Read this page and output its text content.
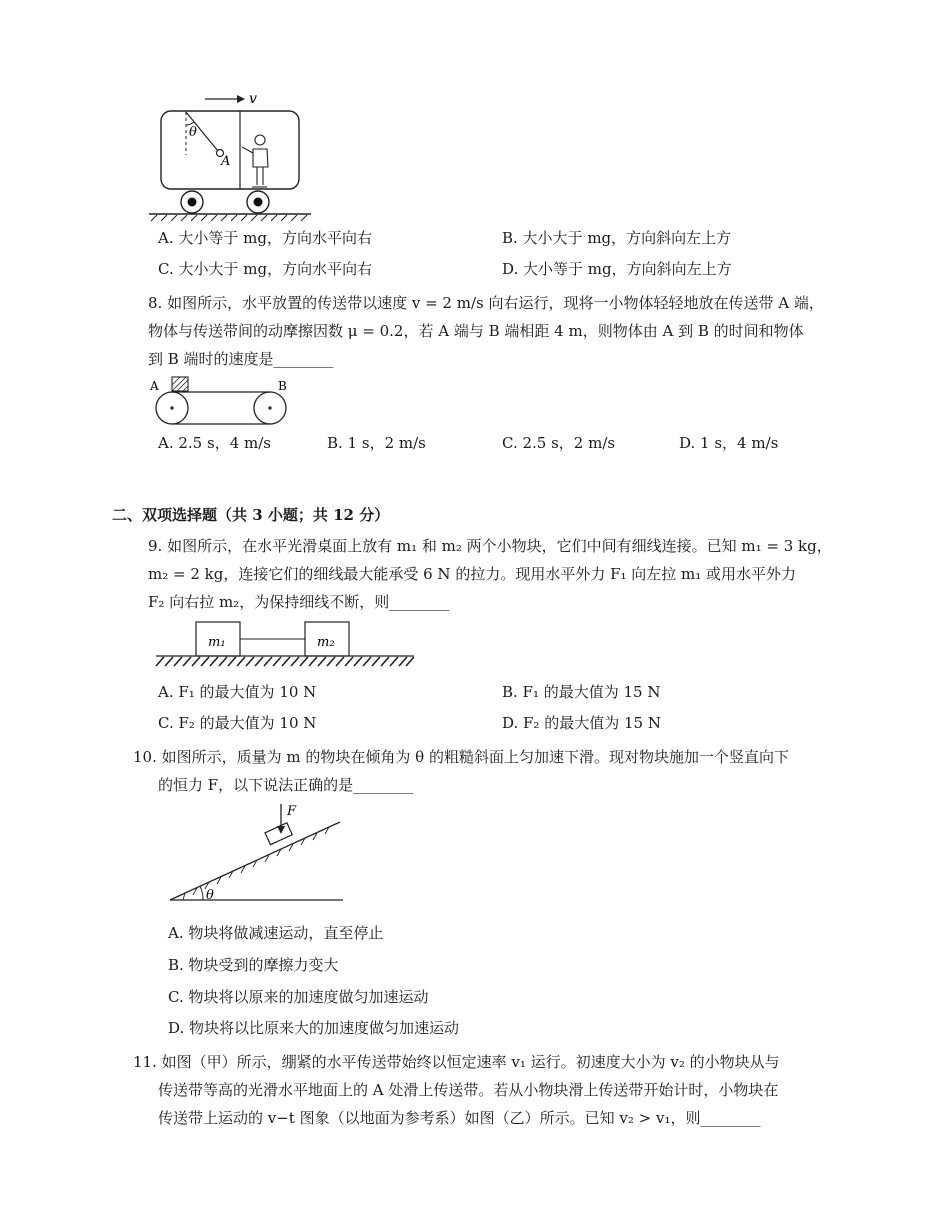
v
θ
A
A. 大小等于 mg，方向水平向右	B. 大小大于 mg，方向斜向左上方
C. 大小大于 mg，方向水平向右	D. 大小等于 mg，方向斜向左上方
8. 如图所示，水平放置的传送带以速度 v = 2 m/s 向右运行，现将一小物体轻轻地放在传送带 A 端，
物体与传送带间的动摩擦因数 μ = 0.2，若 A 端与 B 端相距 4 m，则物体由 A 到 B 的时间和物体
到 B 端时的速度是________
A	B
A. 2.5 s，4 m/s	B. 1 s，2 m/s	C. 2.5 s，2 m/s	D. 1 s，4 m/s
二、双项选择题（共 3 小题；共 12 分）
9. 如图所示，在水平光滑桌面上放有 m₁ 和 m₂ 两个小物块，它们中间有细线连接。已知 m₁ = 3 kg，
m₂ = 2 kg，连接它们的细线最大能承受 6 N 的拉力。现用水平外力 F₁ 向左拉 m₁ 或用水平外力
F₂ 向右拉 m₂，为保持细线不断，则________
m₁	m₂
A. F₁ 的最大值为 10 N	B. F₁ 的最大值为 15 N
C. F₂ 的最大值为 10 N	D. F₂ 的最大值为 15 N
10. 如图所示，质量为 m 的物块在倾角为 θ 的粗糙斜面上匀加速下滑。现对物块施加一个竖直向下
的恒力 F，以下说法正确的是________
F
θ
A. 物块将做减速运动，直至停止
B. 物块受到的摩擦力变大
C. 物块将以原来的加速度做匀加速运动
D. 物块将以比原来大的加速度做匀加速运动
11. 如图（甲）所示，绷紧的水平传送带始终以恒定速率 v₁ 运行。初速度大小为 v₂ 的小物块从与
传送带等高的光滑水平地面上的 A 处滑上传送带。若从小物块滑上传送带开始计时，小物块在
传送带上运动的 v−t 图象（以地面为参考系）如图（乙）所示。已知 v₂ > v₁，则________
